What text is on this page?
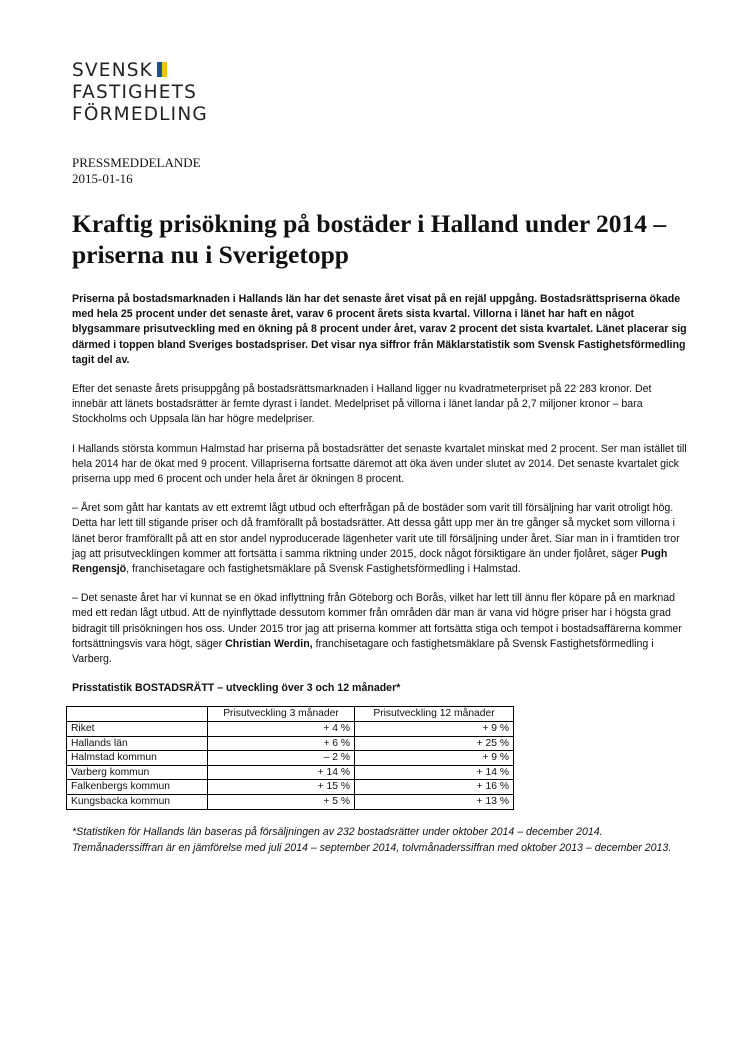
SVENSK
FASTIGHETS
FÖRMEDLING
PRESSMEDDELANDE
2015-01-16
Kraftig prisökning på bostäder i Halland under 2014 – priserna nu i Sverigetopp

Priserna på bostadsmarknaden i Hallands län har det senaste året visat på en rejäl uppgång. Bostadsrättspriserna ökade med hela 25 procent under det senaste året, varav 6 procent årets sista kvartal. Villorna i länet har haft en något blygsammare prisutveckling med en ökning på 8 procent under året, varav 2 procent det sista kvartalet. Länet placerar sig därmed i toppen bland Sveriges bostadspriser. Det visar nya siffror från Mäklarstatistik som Svensk Fastighetsförmedling tagit del av.

Efter det senaste årets prisuppgång på bostadsrättsmarknaden i Halland ligger nu kvadratmeterpriset på 22 283 kronor. Det innebär att länets bostadsrätter är femte dyrast i landet. Medelpriset på villorna i länet landar på 2,7 miljoner kronor – bara Stockholms och Uppsala län har högre medelpriser.

I Hallands största kommun Halmstad har priserna på bostadsrätter det senaste kvartalet minskat med 2 procent. Ser man istället till hela 2014 har de ökat med 9 procent. Villapriserna fortsatte däremot att öka även under slutet av 2014. Det senaste kvartalet gick priserna upp med 6 procent och under hela året är ökningen 8 procent.

– Året som gått har kantats av ett extremt lågt utbud och efterfrågan på de bostäder som varit till försäljning har varit otroligt hög. Detta har lett till stigande priser och då framförallt på bostadsrätter. Att dessa gått upp mer än tre gånger så mycket som villorna i länet beror framförallt på att en stor andel nyproducerade lägenheter varit ute till försäljning under året. Siar man in i framtiden tror jag att prisutvecklingen kommer att fortsätta i samma riktning under 2015, dock något försiktigare än under fjolåret, säger Pugh Rengensjö, franchisetagare och fastighetsmäklare på Svensk Fastighetsförmedling i Halmstad.

– Det senaste året har vi kunnat se en ökad inflyttning från Göteborg och Borås, vilket har lett till ännu fler köpare på en marknad med ett redan lågt utbud. Att de nyinflyttade dessutom kommer från områden där man är vana vid högre priser har i högsta grad bidragit till prisökningen hos oss. Under 2015 tror jag att priserna kommer att fortsätta stiga och tempot i bostadsaffärerna kommer fortsättningsvis vara högt, säger Christian Werdin, franchisetagare och fastighetsmäklare på Svensk Fastighetsförmedling i Varberg.

Prisstatistik BOSTADSRÄTT – utveckling över 3 och 12 månader*
	Prisutveckling 3 månader	Prisutveckling 12 månader
Riket	+ 4 %	+ 9 %
Hallands län	+ 6 %	+ 25 %
Halmstad kommun	– 2 %	+ 9 %
Varberg kommun	+ 14 %	+ 14 %
Falkenbergs kommun	+ 15 %	+ 16 %
Kungsbacka kommun	+ 5 %	+ 13 %
*Statistiken för Hallands län baseras på försäljningen av 232 bostadsrätter under oktober 2014 – december 2014. Tremånaderssiffran är en jämförelse med juli 2014 – september 2014, tolvmånaderssiffran med oktober 2013 – december 2013.
